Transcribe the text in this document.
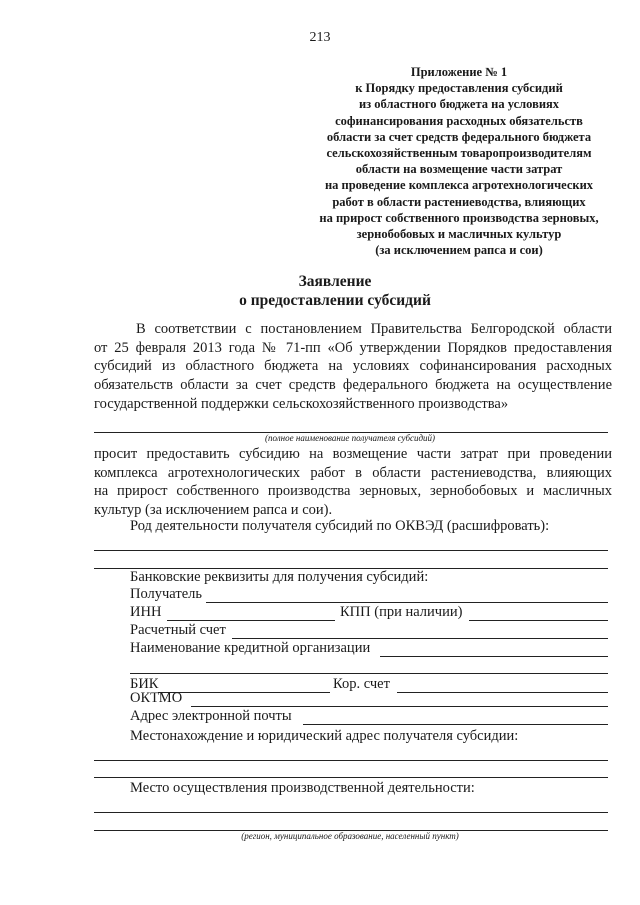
213
Приложение № 1
к Порядку предоставления субсидий
из областного бюджета на условиях
софинансирования расходных обязательств
области за счет средств федерального бюджета
сельскохозяйственным товаропроизводителям
области на возмещение части затрат
на проведение комплекса агротехнологических
работ в области растениеводства, влияющих
на прирост собственного производства зерновых,
зернобобовых и масличных культур
(за исключением рапса и сои)
Заявление
о предоставлении субсидий
В соответствии с постановлением Правительства Белгородской области
от 25 февраля 2013 года № 71-пп «Об утверждении Порядков предоставления
субсидий из областного бюджета на условиях софинансирования расходных
обязательств области за счет средств федерального бюджета на осуществление
государственной поддержки сельскохозяйственного производства»
(полное наименование получателя субсидий)
просит предоставить субсидию на возмещение части затрат при проведении
комплекса агротехнологических работ в области растениеводства, влияющих
на прирост собственного производства зерновых, зернобобовых и масличных
культур (за исключением рапса и сои).
Род деятельности получателя субсидий по ОКВЭД (расшифровать):
Банковские реквизиты для получения субсидий:
Получатель
ИНН	КПП (при наличии)
Расчетный счет
Наименование кредитной организации
БИК	Кор. счет
ОКТМО
Адрес электронной почты
Местонахождение и юридический адрес получателя субсидии:
Место осуществления производственной деятельности:
(регион, муниципальное образование, населенный пункт)
